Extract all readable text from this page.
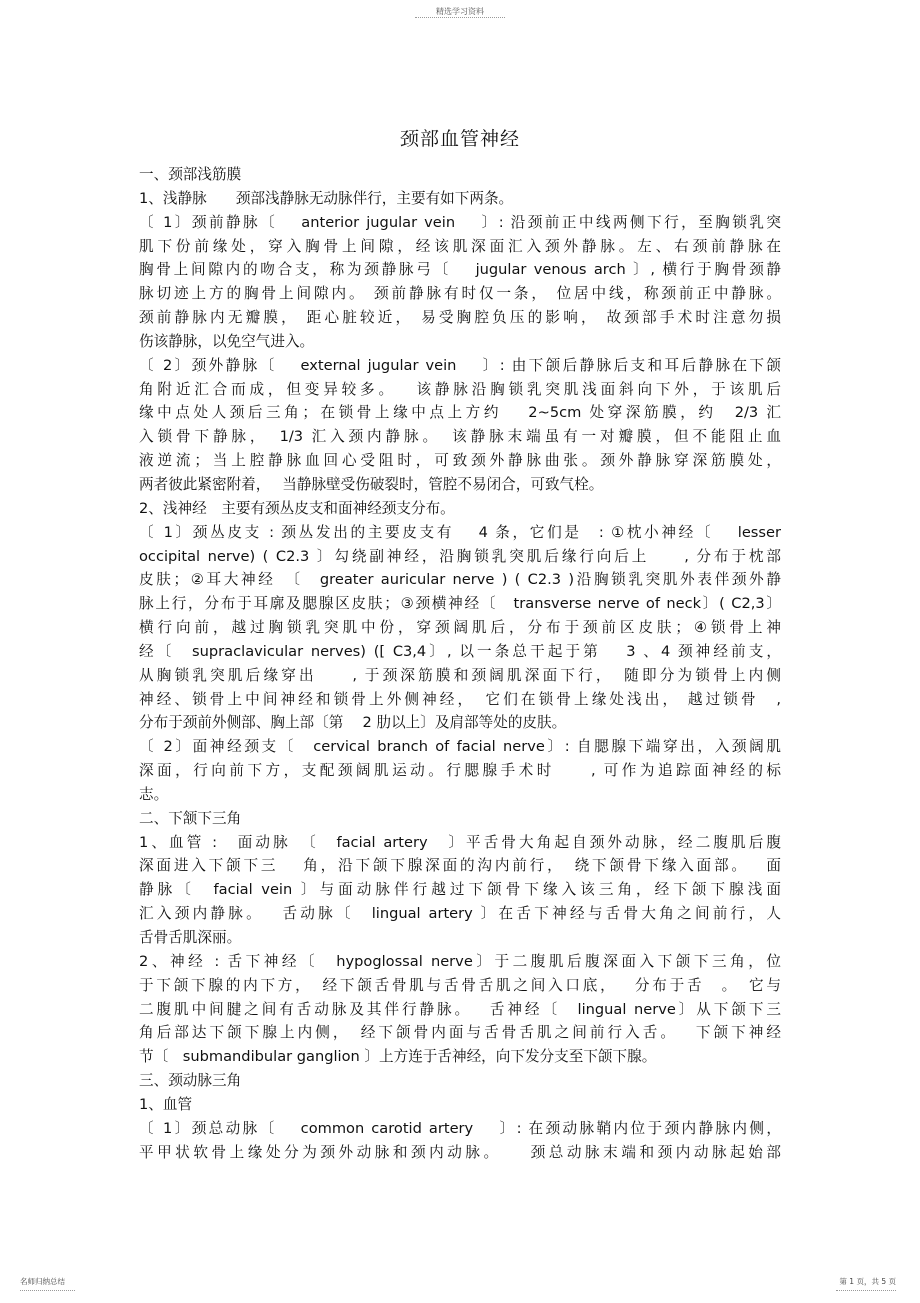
精选学习资料
颈部血管神经
一、颈部浅筋膜
1、浅静脉　　颈部浅静脉无动脉伴行，主要有如下两条。
〔 1〕颈前静脉〔　 anterior jugular vein　 〕: 沿颈前正中线两侧下行，至胸锁乳突
肌下份前缘处，穿入胸骨上间隙，经该肌深面汇入颈外静脉。左、右颈前静脉在
胸骨上间隙内的吻合支，称为颈静脉弓〔　 jugular venous arch 〕, 横行于胸骨颈静
脉切迹上方的胸骨上间隙内。 颈前静脉有时仅一条， 位居中线，称颈前正中静脉。
颈前静脉内无瓣膜， 距心脏较近， 易受胸腔负压的影响， 故颈部手术时注意勿损
伤该静脉，以免空气进入。
〔 2〕颈外静脉〔　 external jugular vein　 〕: 由下颌后静脉后支和耳后静脉在下颌
角附近汇合而成，但变异较多。　 该静脉沿胸锁乳突肌浅面斜向下外，于该肌后
缘中点处人颈后三角；在锁骨上缘中点上方约　 2~5cm 处穿深筋膜，约　2/3 汇
入锁骨下静脉，　1/3 汇入颈内静脉。　该静脉末端虽有一对瓣膜，但不能阻止血
液逆流；当上腔静脉血回心受阻时，可致颈外静脉曲张。颈外静脉穿深筋膜处，
两者彼此紧密附着，　 当静脉壁受伤破裂时，管腔不易闭合，可致气栓。
2、浅神经　主要有颈丛皮支和面神经颈支分布。
〔 1〕颈丛皮支 : 颈丛发出的主要皮支有　 4 条，它们是　: ①枕小神经〔　 lesser
occipital nerve) ( C2.3 〕勾绕副神经，沿胸锁乳突肌后缘行向后上　　, 分布于枕部
皮肤；②耳大神经　〔　greater auricular nerve ) ( C2.3 )沿胸锁乳突肌外表伴颈外静
脉上行，分布于耳廓及腮腺区皮肤；③颈横神经〔　transverse nerve of neck〕( C2,3〕
横行向前，越过胸锁乳突肌中份，穿颈阔肌后，分布于颈前区皮肤；④锁骨上神
经〔　supraclavicular nerves) ([ C3,4〕, 以一条总干起于第　 3 、4 颈神经前支，
从胸锁乳突肌后缘穿出　　, 于颈深筋膜和颈阔肌深面下行，　随即分为锁骨上内侧
神经、锁骨上中间神经和锁骨上外侧神经，　它们在锁骨上缘处浅出， 越过锁骨　,
分布于颈前外侧部、胸上部〔第　 2 肋以上〕及肩部等处的皮肤。
〔 2〕面神经颈支〔　cervical branch of facial nerve〕: 自腮腺下端穿出，入颈阔肌
深面，行向前下方，支配颈阔肌运动。行腮腺手术时　　, 可作为追踪面神经的标
志。
二、下颔下三角
1、血管 :　面动脉　〔　facial artery　〕平舌骨大角起自颈外动脉，经二腹肌后腹
深面进入下颌下三　 角，沿下颌下腺深面的沟内前行，　绕下颌骨下缘入面部。　 面
静脉〔　facial vein 〕与面动脉伴行越过下颌骨下缘入该三角，经下颌下腺浅面
汇入颈内静脉。　 舌动脉〔　lingual artery 〕在舌下神经与舌骨大角之间前行，人
舌骨舌肌深丽。
2、神经 : 舌下神经〔　hypoglossal nerve〕于二腹肌后腹深面入下颌下三角，位
于下颌下腺的内下方，　经下颌舌骨肌与舌骨舌肌之间入口底，　 分布于舌　。　它与
二腹肌中间腱之间有舌动脉及其伴行静脉。　 舌神经〔　lingual nerve〕从下颌下三
角后部达下颌下腺上内侧，　经下颌骨内面与舌骨舌肌之间前行入舌。　 下颌下神经
节〔　submandibular ganglion 〕上方连于舌神经，向下发分支至下颌下腺。
三、颈动脉三角
1、血管
〔 1〕颈总动脉〔　 common carotid artery　 〕: 在颈动脉鞘内位于颈内静脉内侧，
平甲状软骨上缘处分为颈外动脉和颈内动脉。　　颈总动脉末端和颈内动脉起始部
名师归纳总结	第 1 页，共 5 页
